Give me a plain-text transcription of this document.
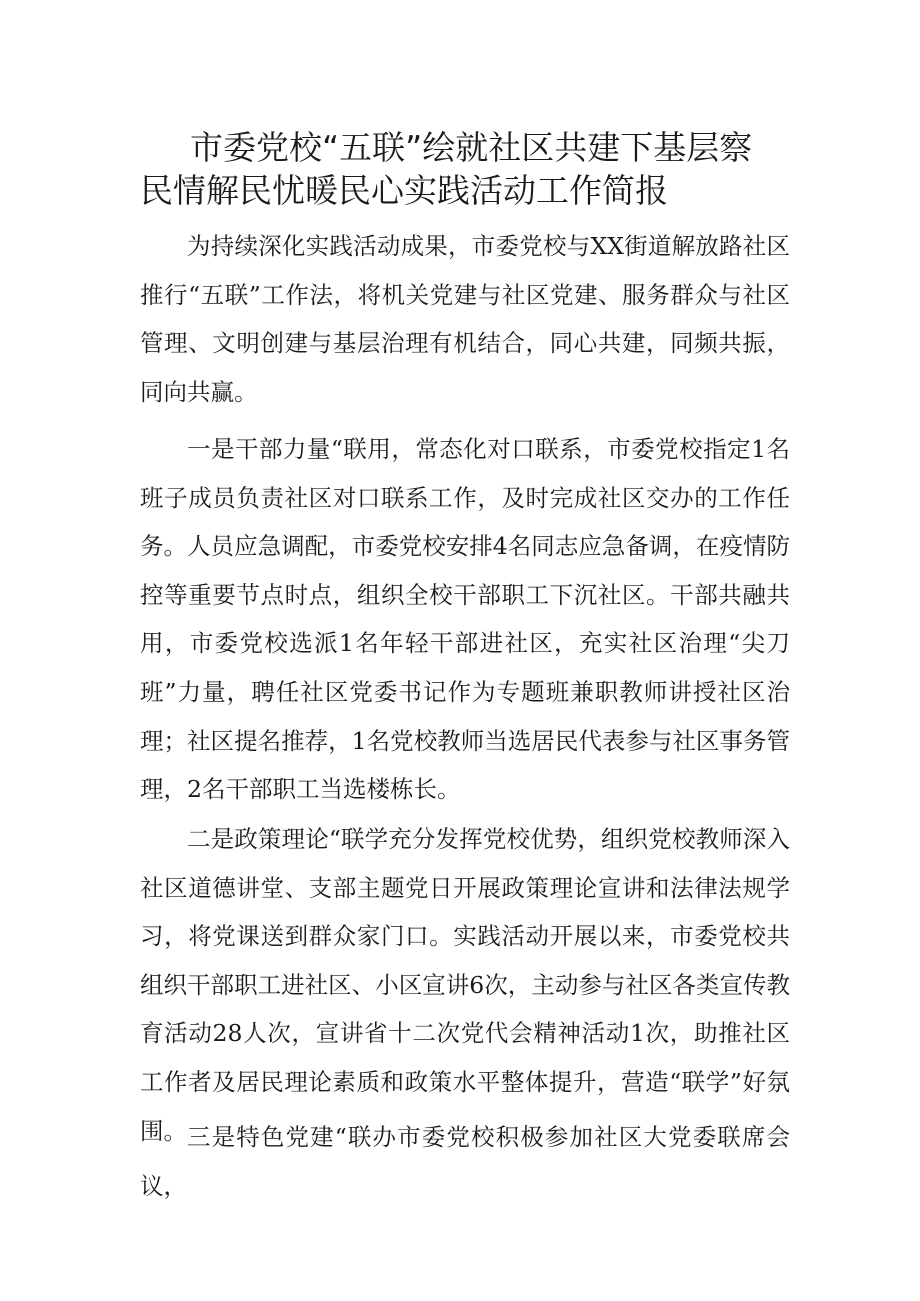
市委党校“五联”绘就社区共建下基层察
民情解民忧暖民心实践活动工作简报

为持续深化实践活动成果，市委党校与XX街道解放路社区推行“五联”工作法，将机关党建与社区党建、服务群众与社区管理、文明创建与基层治理有机结合，同心共建，同频共振，同向共赢。

一是干部力量“联用，常态化对口联系，市委党校指定1名班子成员负责社区对口联系工作，及时完成社区交办的工作任务。人员应急调配，市委党校安排4名同志应急备调，在疫情防控等重要节点时点，组织全校干部职工下沉社区。干部共融共用，市委党校选派1名年轻干部进社区，充实社区治理“尖刀班”力量，聘任社区党委书记作为专题班兼职教师讲授社区治理；社区提名推荐，1名党校教师当选居民代表参与社区事务管理，2名干部职工当选楼栋长。

二是政策理论“联学充分发挥党校优势，组织党校教师深入社区道德讲堂、支部主题党日开展政策理论宣讲和法律法规学习，将党课送到群众家门口。实践活动开展以来，市委党校共组织干部职工进社区、小区宣讲6次，主动参与社区各类宣传教育活动28人次，宣讲省十二次党代会精神活动1次，助推社区工作者及居民理论素质和政策水平整体提升，营造“联学”好氛围。 三是特色党建“联办市委党校积极参加社区大党委联席会议，
